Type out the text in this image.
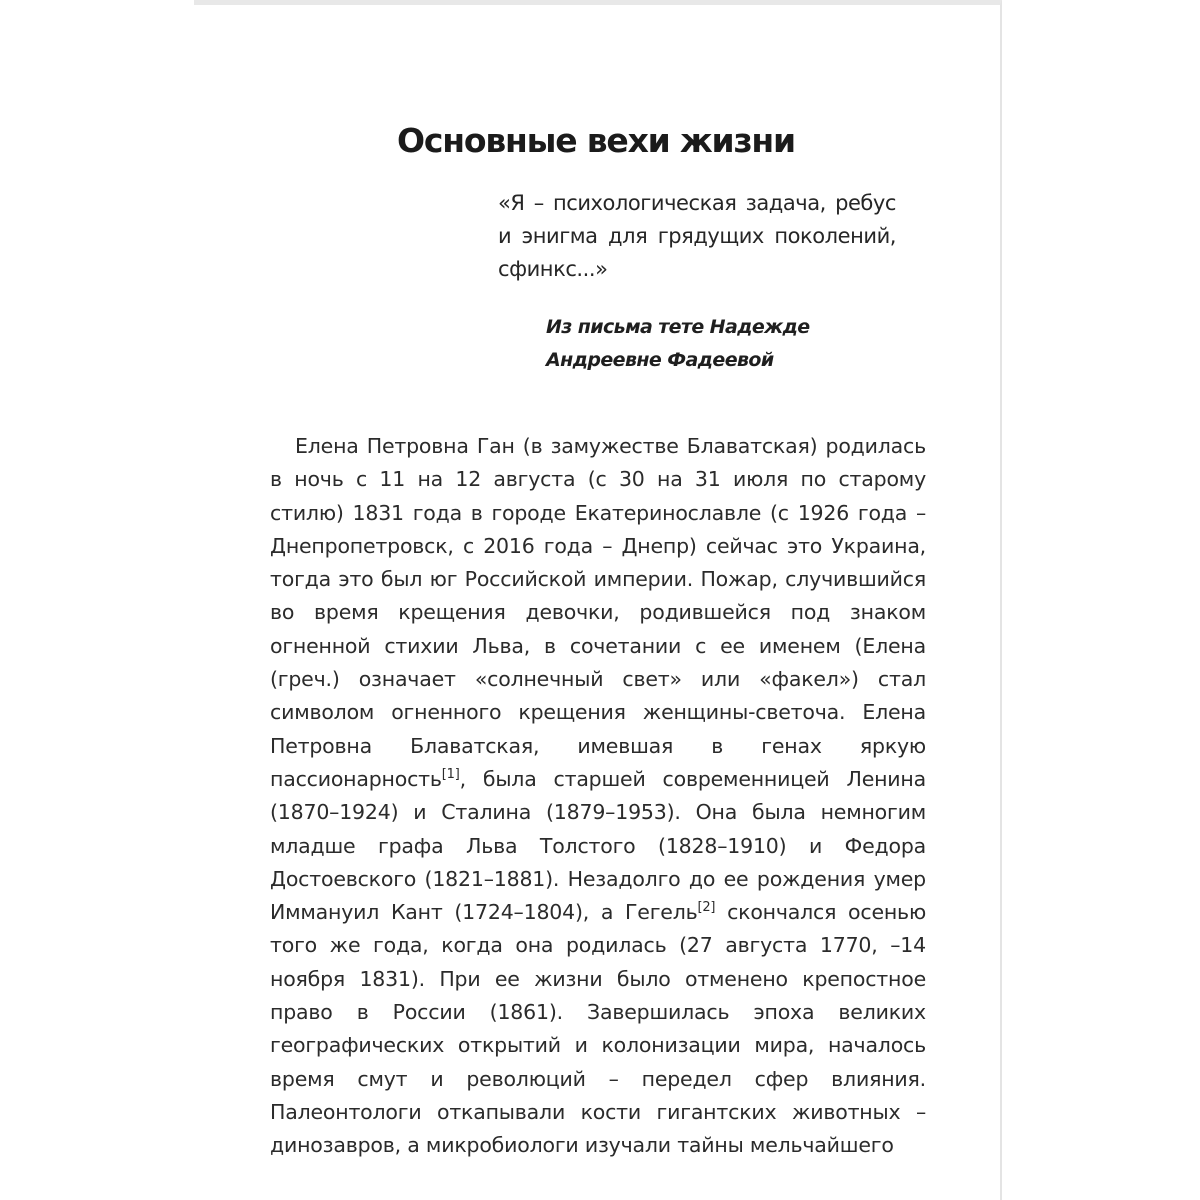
Основные вехи жизни

«Я – психологическая задача, ребус и энигма для грядущих поколений, сфинкс...»

Из письма тете Надежде
Андреевне Фадеевой

Елена Петровна Ган (в замужестве Блаватская) родилась в ночь с 11 на 12 августа (с 30 на 31 июля по старому стилю) 1831 года в городе Екатеринославле (с 1926 года – Днепропетровск, с 2016 года – Днепр) сейчас это Украина, тогда это был юг Российской империи. Пожар, случившийся во время крещения девочки, родившейся под знаком огненной стихии Льва, в сочетании с ее именем (Елена (греч.) означает «солнечный свет» или «факел») стал символом огненного крещения женщины-светоча. Елена Петровна Блаватская, имевшая в генах яркую пассионарность[1], была старшей современницей Ленина (1870–1924) и Сталина (1879–1953). Она была немногим младше графа Льва Толстого (1828–1910) и Федора Достоевского (1821–1881). Незадолго до ее рождения умер Иммануил Кант (1724–1804), а Гегель[2] скончался осенью того же года, когда она родилась (27 августа 1770, –14 ноября 1831). При ее жизни было отменено крепостное право в России (1861). Завершилась эпоха великих географических открытий и колонизации мира, началось время смут и революций – передел сфер влияния. Палеонтологи откапывали кости гигантских животных – динозавров, а микробиологи изучали тайны мельчайшего
